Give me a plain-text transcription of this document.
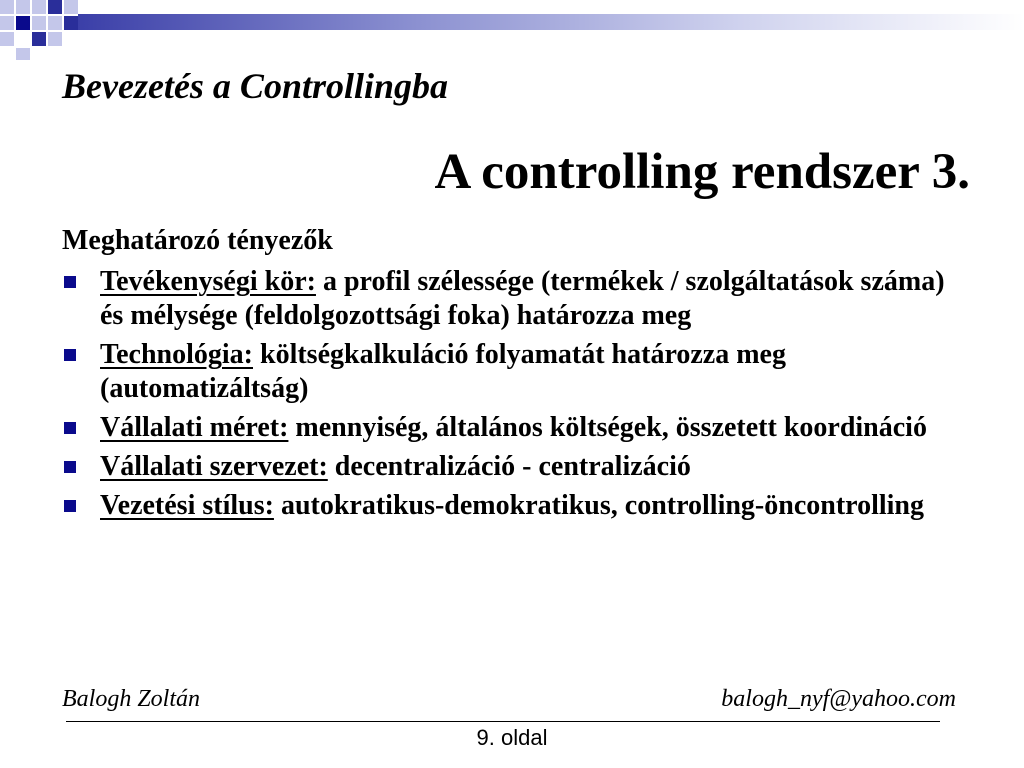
Bevezetés a Controllingba
A controlling rendszer 3.
Meghatározó tényezők
Tevékenységi kör: a profil szélessége (termékek / szolgáltatások száma) és mélysége (feldolgozottsági foka) határozza meg
Technológia: költségkalkuláció folyamatát határozza meg (automatizáltság)
Vállalati méret: mennyiség, általános költségek, összetett koordináció
Vállalati szervezet: decentralizáció - centralizáció
Vezetési stílus: autokratikus-demokratikus, controlling-öncontrolling
Balogh Zoltán	balogh_nyf@yahoo.com
9. oldal
